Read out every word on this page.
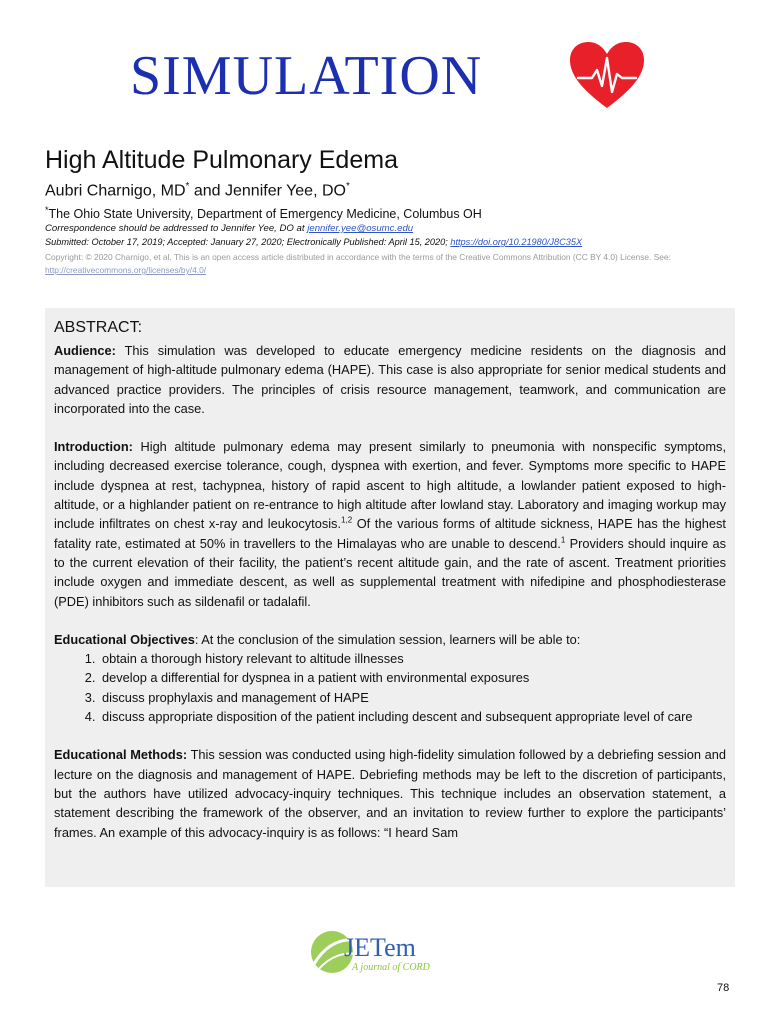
SIMULATION
High Altitude Pulmonary Edema
Aubri Charnigo, MD* and Jennifer Yee, DO*
*The Ohio State University, Department of Emergency Medicine, Columbus OH
Correspondence should be addressed to Jennifer Yee, DO at jennifer.yee@osumc.edu
Submitted: October 17, 2019; Accepted: January 27, 2020; Electronically Published: April 15, 2020; https://doi.org/10.21980/J8C35X
Copyright: © 2020 Charnigo, et al. This is an open access article distributed in accordance with the terms of the Creative Commons Attribution (CC BY 4.0) License. See: http://creativecommons.org/licenses/by/4.0/
ABSTRACT:

Audience: This simulation was developed to educate emergency medicine residents on the diagnosis and management of high-altitude pulmonary edema (HAPE). This case is also appropriate for senior medical students and advanced practice providers. The principles of crisis resource management, teamwork, and communication are incorporated into the case.

Introduction: High altitude pulmonary edema may present similarly to pneumonia with nonspecific symptoms, including decreased exercise tolerance, cough, dyspnea with exertion, and fever. Symptoms more specific to HAPE include dyspnea at rest, tachypnea, history of rapid ascent to high altitude, a lowlander patient exposed to high-altitude, or a highlander patient on re-entrance to high altitude after lowland stay. Laboratory and imaging workup may include infiltrates on chest x-ray and leukocytosis.$^{1,2}$ Of the various forms of altitude sickness, HAPE has the highest fatality rate, estimated at 50% in travellers to the Himalayas who are unable to descend.$^1$ Providers should inquire as to the current elevation of their facility, the patient’s recent altitude gain, and the rate of ascent. Treatment priorities include oxygen and immediate descent, as well as supplemental treatment with nifedipine and phosphodiesterase (PDE) inhibitors such as sildenafil or tadalafil.

Educational Objectives: At the conclusion of the simulation session, learners will be able to:
1. obtain a thorough history relevant to altitude illnesses
2. develop a differential for dyspnea in a patient with environmental exposures
3. discuss prophylaxis and management of HAPE
4. discuss appropriate disposition of the patient including descent and subsequent appropriate level of care

Educational Methods: This session was conducted using high-fidelity simulation followed by a debriefing session and lecture on the diagnosis and management of HAPE. Debriefing methods may be left to the discretion of participants, but the authors have utilized advocacy-inquiry techniques. This technique includes an observation statement, a statement describing the framework of the observer, and an invitation to review further to explore the participants’ frames. An example of this advocacy-inquiry is as follows: “I heard Sam

JETem
A journal of CORD
78
